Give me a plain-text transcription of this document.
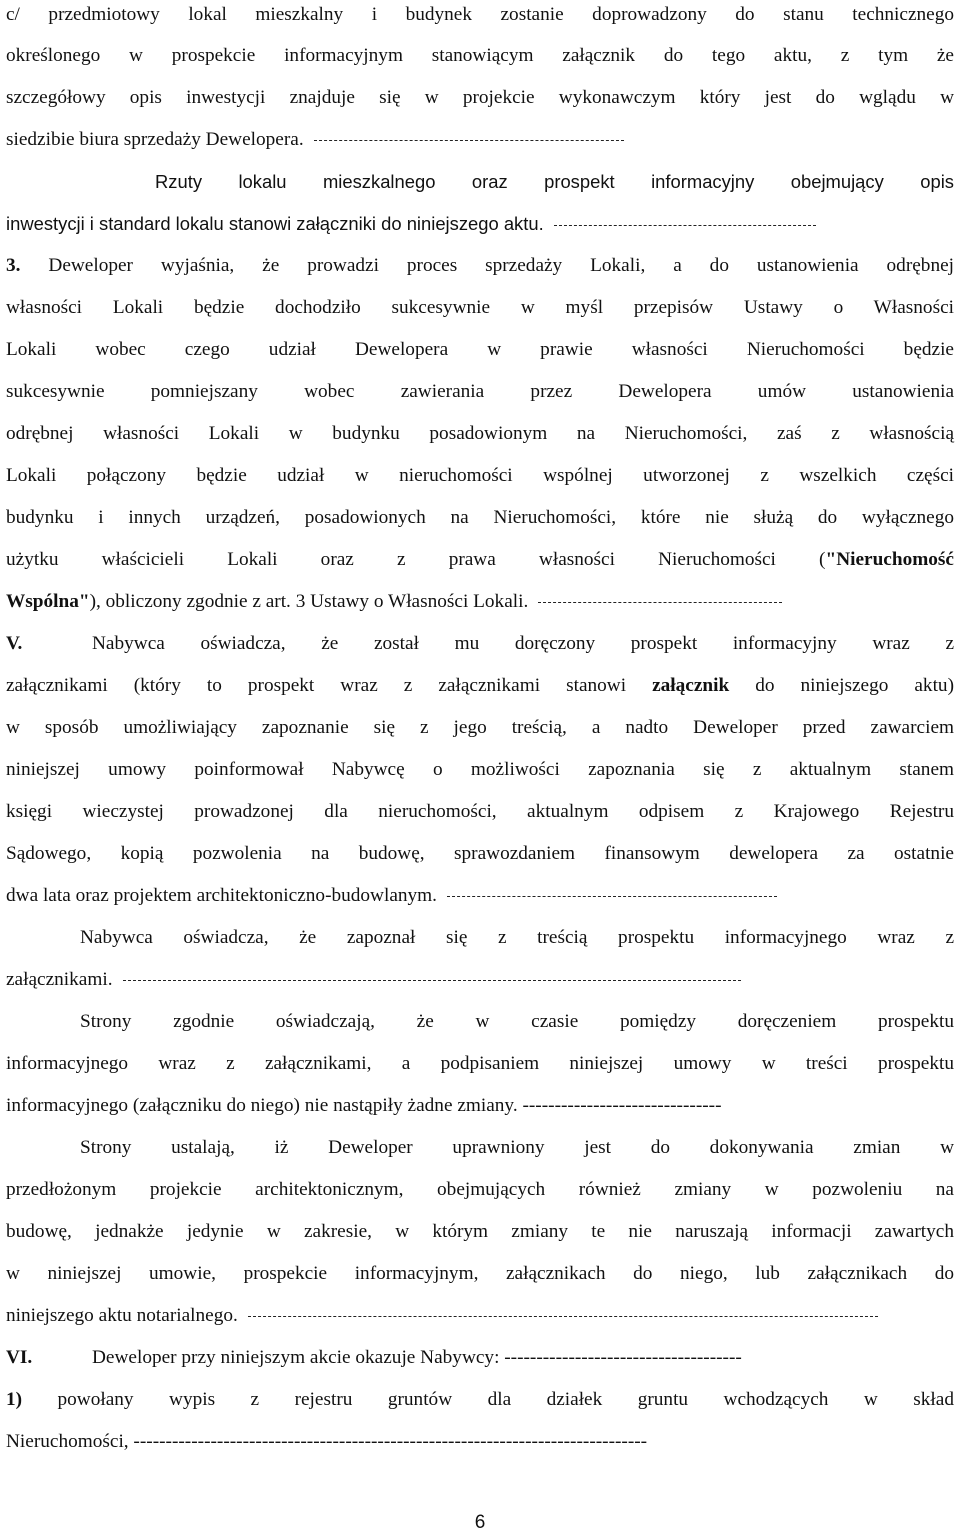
c/ przedmiotowy lokal mieszkalny i budynek zostanie doprowadzony do stanu technicznego
określonego w prospekcie informacyjnym stanowiącym załącznik do tego aktu, z tym że
szczegółowy opis inwestycji znajduje się w projekcie wykonawczym który jest do wglądu w
siedzibie biura sprzedaży Dewelopera.
Rzuty lokalu mieszkalnego oraz prospekt informacyjny obejmujący opis
inwestycji i standard lokalu stanowi załączniki do niniejszego aktu.
3. Deweloper wyjaśnia, że prowadzi proces sprzedaży Lokali, a do ustanowienia odrębnej
własności Lokali będzie dochodziło sukcesywnie w myśl przepisów Ustawy o Własności
Lokali wobec czego udział Dewelopera w prawie własności Nieruchomości będzie
sukcesywnie pomniejszany wobec zawierania przez Dewelopera umów ustanowienia
odrębnej własności Lokali w budynku posadowionym na Nieruchomości, zaś z własnością
Lokali połączony będzie udział w nieruchomości wspólnej utworzonej z wszelkich części
budynku i innych urządzeń, posadowionych na Nieruchomości, które nie służą do wyłącznego
użytku właścicieli Lokali oraz z prawa własności Nieruchomości ("Nieruchomość
Wspólna"), obliczony zgodnie z art. 3 Ustawy o Własności Lokali.
V.	Nabywca oświadcza, że został mu doręczony prospekt informacyjny wraz z
załącznikami (który to prospekt wraz z załącznikami stanowi załącznik do niniejszego aktu)
w sposób umożliwiający zapoznanie się z jego treścią, a nadto Deweloper przed zawarciem
niniejszej umowy poinformował Nabywcę o możliwości zapoznania się z aktualnym stanem
księgi wieczystej prowadzonej dla nieruchomości, aktualnym odpisem z Krajowego Rejestru
Sądowego, kopią pozwolenia na budowę, sprawozdaniem finansowym dewelopera za ostatnie
dwa lata oraz projektem architektoniczno-budowlanym.
Nabywca oświadcza, że zapoznał się z treścią prospektu informacyjnego wraz z
załącznikami.
Strony zgodnie oświadczają, że w czasie pomiędzy doręczeniem prospektu
informacyjnego wraz z załącznikami, a podpisaniem niniejszej umowy w treści prospektu
informacyjnego (załączniku do niego) nie nastąpiły żadne zmiany. -------------------------------
Strony ustalają, iż Deweloper uprawniony jest do dokonywania zmian w
przedłożonym projekcie architektonicznym, obejmujących również zmiany w pozwoleniu na
budowę, jednakże jedynie w zakresie, w którym zmiany te nie naruszają informacji zawartych
w niniejszej umowie, prospekcie informacyjnym, załącznikach do niego, lub załącznikach do
niniejszego aktu notarialnego.
VI.	Deweloper przy niniejszym akcie okazuje Nabywcy: -------------------------------------
1) powołany wypis z rejestru gruntów dla działek gruntu wchodzących w skład
Nieruchomości, --------------------------------------------------------------------------------
6
